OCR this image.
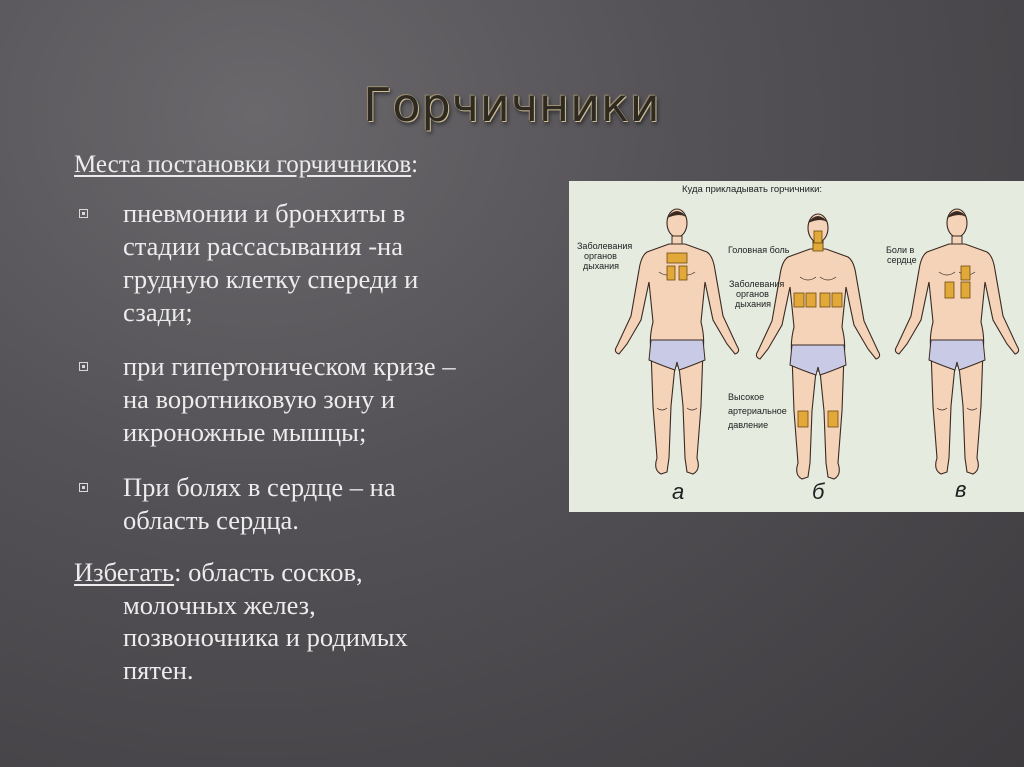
Горчичники
Места постановки горчичников:
пневмонии и бронхиты в
стадии рассасывания -на
грудную клетку спереди и
сзади;
при гипертоническом кризе –
на воротниковую зону и
икроножные мышцы;
При болях в сердце – на
область сердца.
Избегать: область сосков,
молочных желез,
позвоночника и родимых
пятен.
Куда прикладывать горчичники:
Заболевания
органов
дыхания
Головная боль
Заболевания
органов
дыхания
Боли в
сердце
Высокое
артериальное
давление
а	б	в
